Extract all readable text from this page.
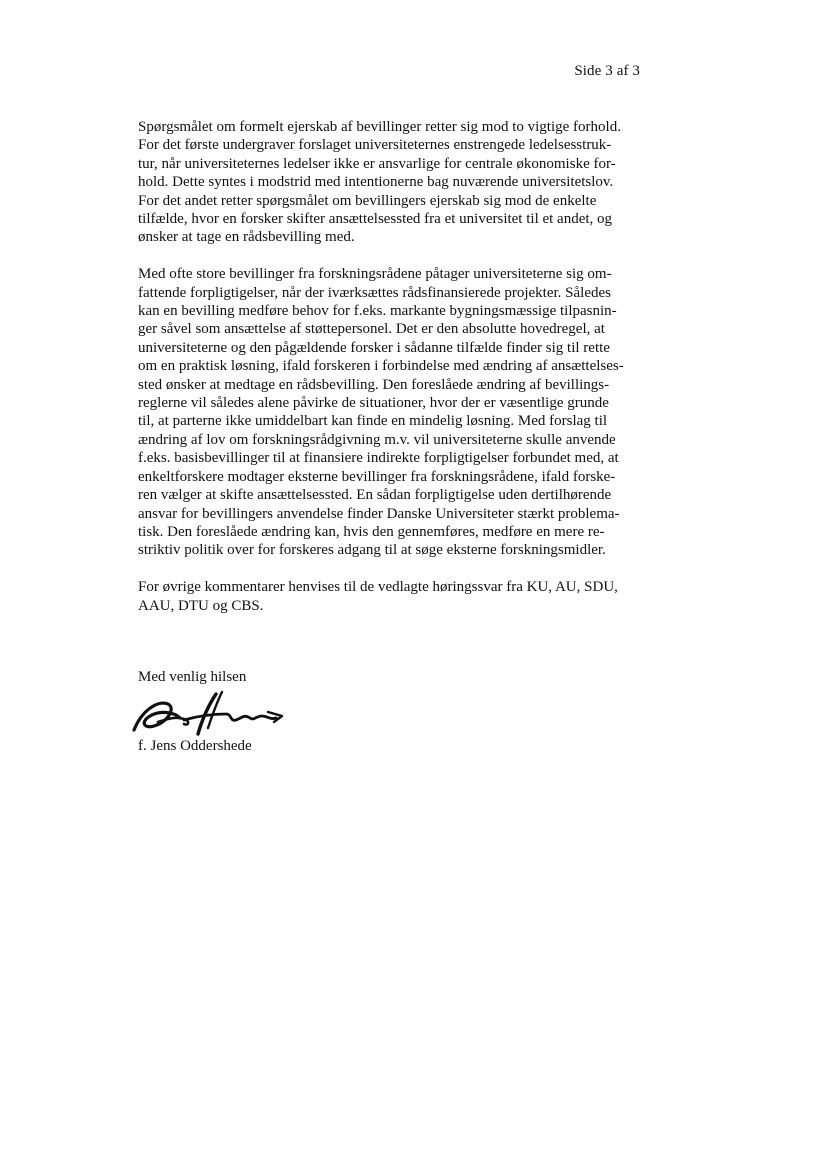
Side 3 af 3

Spørgsmålet om formelt ejerskab af bevillinger retter sig mod to vigtige forhold.
For det første undergraver forslaget universiteternes enstrengede ledelsesstruk-
tur, når universiteternes ledelser ikke er ansvarlige for centrale økonomiske for-
hold. Dette syntes i modstrid med intentionerne bag nuværende universitetslov.
For det andet retter spørgsmålet om bevillingers ejerskab sig mod de enkelte
tilfælde, hvor en forsker skifter ansættelsessted fra et universitet til et andet, og
ønsker at tage en rådsbevilling med.

Med ofte store bevillinger fra forskningsrådene påtager universiteterne sig om-
fattende forpligtigelser, når der iværksættes rådsfinansierede projekter. Således
kan en bevilling medføre behov for f.eks. markante bygningsmæssige tilpasnin-
ger såvel som ansættelse af støttepersonel. Det er den absolutte hovedregel, at
universiteterne og den pågældende forsker i sådanne tilfælde finder sig til rette
om en praktisk løsning, ifald forskeren i forbindelse med ændring af ansættelses-
sted ønsker at medtage en rådsbevilling. Den foreslåede ændring af bevillings-
reglerne vil således alene påvirke de situationer, hvor der er væsentlige grunde
til, at parterne ikke umiddelbart kan finde en mindelig løsning. Med forslag til
ændring af lov om forskningsrådgivning m.v. vil universiteterne skulle anvende
f.eks. basisbevillinger til at finansiere indirekte forpligtigelser forbundet med, at
enkeltforskere modtager eksterne bevillinger fra forskningsrådene, ifald forske-
ren vælger at skifte ansættelsessted. En sådan forpligtigelse uden dertilhørende
ansvar for bevillingers anvendelse finder Danske Universiteter stærkt problema-
tisk. Den foreslåede ændring kan, hvis den gennemføres, medføre en mere re-
striktiv politik over for forskeres adgang til at søge eksterne forskningsmidler.

For øvrige kommentarer henvises til de vedlagte høringssvar fra KU, AU, SDU,
AAU, DTU og CBS.

Med venlig hilsen
f. Jens Oddershede
